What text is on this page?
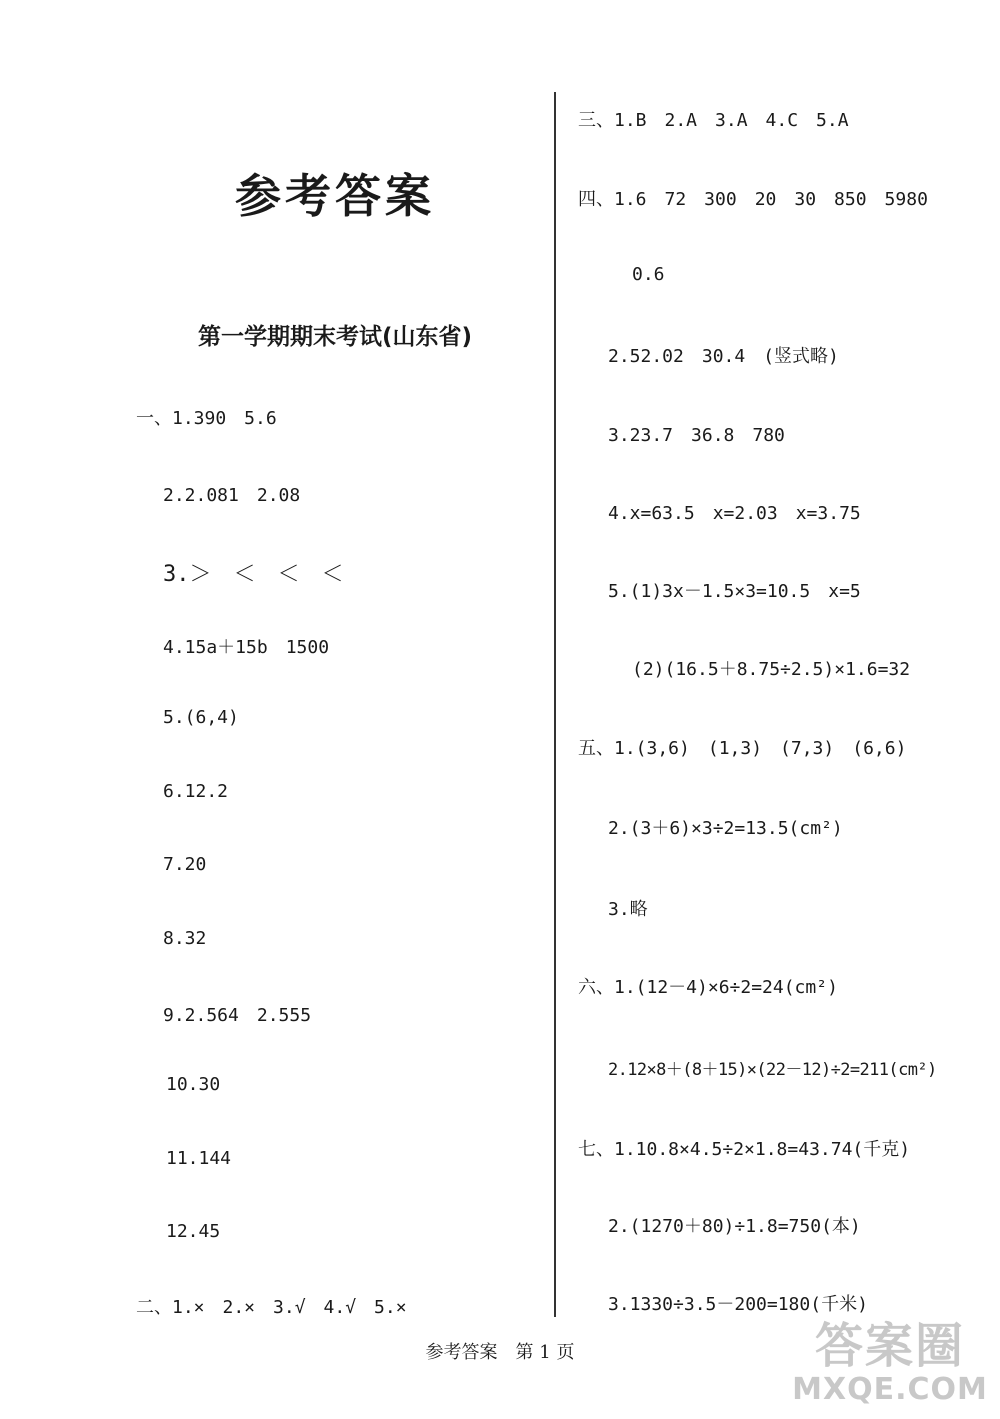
参考答案
第一学期期末考试(山东省)
一、1.390　5.6
2.2.081　2.08
3.＞　＜　＜　＜
4.15a＋15b　1500
5.(6,4)
6.12.2
7.20
8.32
9.2.564　2.555
10.30
11.144
12.45
二、1.×　2.×　3.√　4.√　5.×
三、1.B　2.A　3.A　4.C　5.A
四、1.6　72　300　20　30　850　5980
0.6
2.52.02　30.4　(竖式略)
3.23.7　36.8　780
4.x=63.5　x=2.03　x=3.75
5.(1)3x－1.5×3=10.5　x=5
(2)(16.5＋8.75÷2.5)×1.6=32
五、1.(3,6)　(1,3)　(7,3)　(6,6)
2.(3＋6)×3÷2=13.5(cm²)
3.略
六、1.(12－4)×6÷2=24(cm²)
2.12×8＋(8＋15)×(22－12)÷2=211(cm²)
七、1.10.8×4.5÷2×1.8=43.74(千克)
2.(1270＋80)÷1.8=750(本)
3.1330÷3.5－200=180(千米)
参考答案　第 1 页	答案圈
MXQE.COM
